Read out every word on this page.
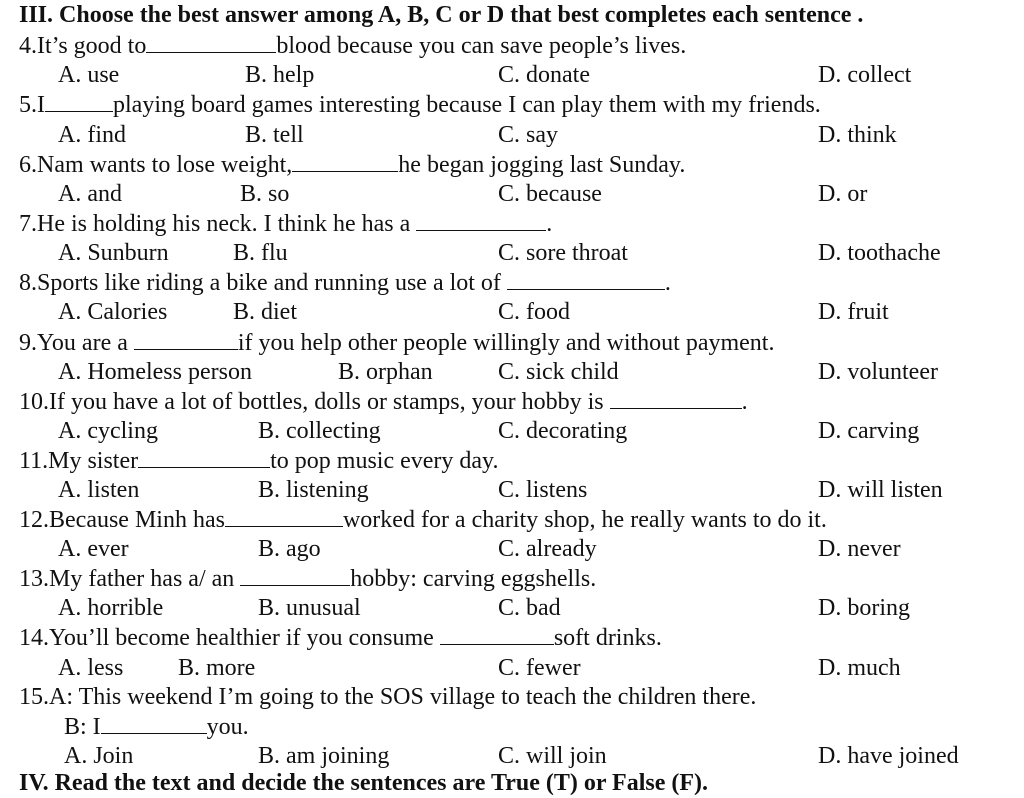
III. Choose the best answer among A, B, C or D that best completes each sentence .
4.It’s good to	blood because you can save people’s lives.
A. use	B. help	C. donate	D. collect
5.I	playing board games interesting because I can play them with my friends.
A. find	B. tell	C. say	D. think
6.Nam wants to lose weight,	he began jogging last Sunday.
A. and	B. so	C. because	D. or
7.He is holding his neck. I think he has a	.
A. Sunburn	B. flu	C. sore throat	D. toothache
8.Sports like riding a bike and running use a lot of	.
A. Calories	B. diet	C. food	D. fruit
9.You are a	if you help other people willingly and without payment.
A. Homeless person	B. orphan	C. sick child	D. volunteer
10.If you have a lot of bottles, dolls or stamps, your hobby is	.
A. cycling	B. collecting	C. decorating	D. carving
11.My sister	to pop music every day.
A. listen	B. listening	C. listens	D. will listen
12.Because Minh has	worked for a charity shop, he really wants to do it.
A. ever	B. ago	C. already	D. never
13.My father has a/ an	hobby: carving eggshells.
A. horrible	B. unusual	C. bad	D. boring
14.You’ll become healthier if you consume	soft drinks.
A. less B. more	C. fewer	D. much
15.A: This weekend I’m going to the SOS village to teach the children there.
B: I	you.
A. Join	B. am joining	C. will join	D. have joined
IV. Read the text and decide the sentences are True (T) or False (F).
